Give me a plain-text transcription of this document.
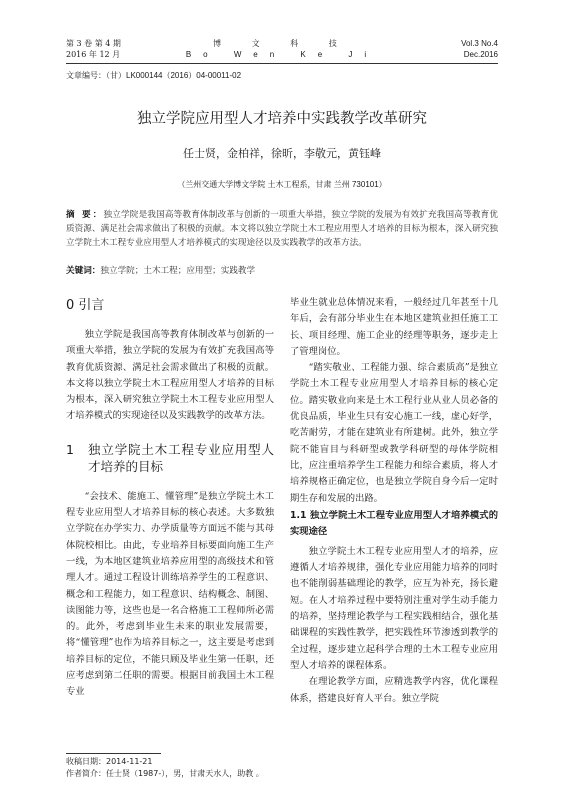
第 3 卷 第 4 期
2016 年 12 月
博 文 科 技
Bo Wen Ke Ji
Vol.3 No.4
Dec.2016
文章编号：（甘）LK000144（2016）04-00011-02
独立学院应用型人才培养中实践教学改革研究
任士贤，金柏祥，徐昕，李敬元，黄钰峰
（兰州交通大学博文学院 土木工程系，甘肃 兰州 730101）
摘 要：独立学院是我国高等教育体制改革与创新的一项重大举措，独立学院的发展为有效扩充我国高等教育优质资源、满足社会需求做出了积极的贡献。本文将以独立学院土木工程应用型人才培养的目标为根本，深入研究独立学院土木工程专业应用型人才培养模式的实现途径以及实践教学的改革方法。
关键词：独立学院；土木工程；应用型；实践教学
0 引言

独立学院是我国高等教育体制改革与创新的一项重大举措，独立学院的发展为有效扩充我国高等教育优质资源、满足社会需求做出了积极的贡献。本文将以独立学院土木工程应用型人才培养的目标为根本，深入研究独立学院土木工程专业应用型人才培养模式的实现途径以及实践教学的改革方法。

1	独立学院土木工程专业应用型人才培养的目标

“会技术、能施工、懂管理”是独立学院土木工程专业应用型人才培养目标的核心表述。大多数独立学院在办学实力、办学质量等方面远不能与其母体院校相比。由此，专业培养目标要面向施工生产一线，为本地区建筑业培养应用型的高级技术和管理人才。通过工程设计训练培养学生的工程意识、概念和工程能力，如工程意识、结构概念、制图、读图能力等，这些也是一名合格施工工程师所必需的。此外，考虑到毕业生未来的职业发展需要，将“懂管理”也作为培养目标之一，这主要是考虑到培养目标的定位，不能只顾及毕业生第一任职，还应考虑到第二任职的需要。根据目前我国土木工程专业

毕业生就业总体情况来看，一般经过几年甚至十几年后，会有部分毕业生在本地区建筑业担任施工工长、项目经理、施工企业的经理等职务，逐步走上了管理岗位。

“踏实敬业、工程能力强、综合素质高”是独立学院土木工程专业应用型人才培养目标的核心定位。踏实敬业向来是土木工程行业从业人员必备的优良品质，毕业生只有安心施工一线，虚心好学，吃苦耐劳，才能在建筑业有所建树。此外，独立学院不能盲目与科研型或教学科研型的母体学院相比，应注重培养学生工程能力和综合素质，将人才培养规格正确定位，也是独立学院自身今后一定时期生存和发展的出路。

1.1 独立学院土木工程专业应用型人才培养模式的实现途径

独立学院土木工程专业应用型人才的培养，应遵循人才培养规律，强化专业应用能力培养的同时也不能削弱基础理论的教学，应互为补充，扬长避短。在人才培养过程中要特别注重对学生动手能力的培养，坚持理论教学与工程实践相结合，强化基础课程的实践性教学，把实践性环节渗透到教学的全过程，逐步建立起科学合理的土木工程专业应用型人才培养的课程体系。

在理论教学方面，应精选教学内容，优化课程体系，搭建良好育人平台。独立学院

收稿日期：2014-11-21
作者简介：任士贤（1987-），男，甘肃天水人，助教 。
